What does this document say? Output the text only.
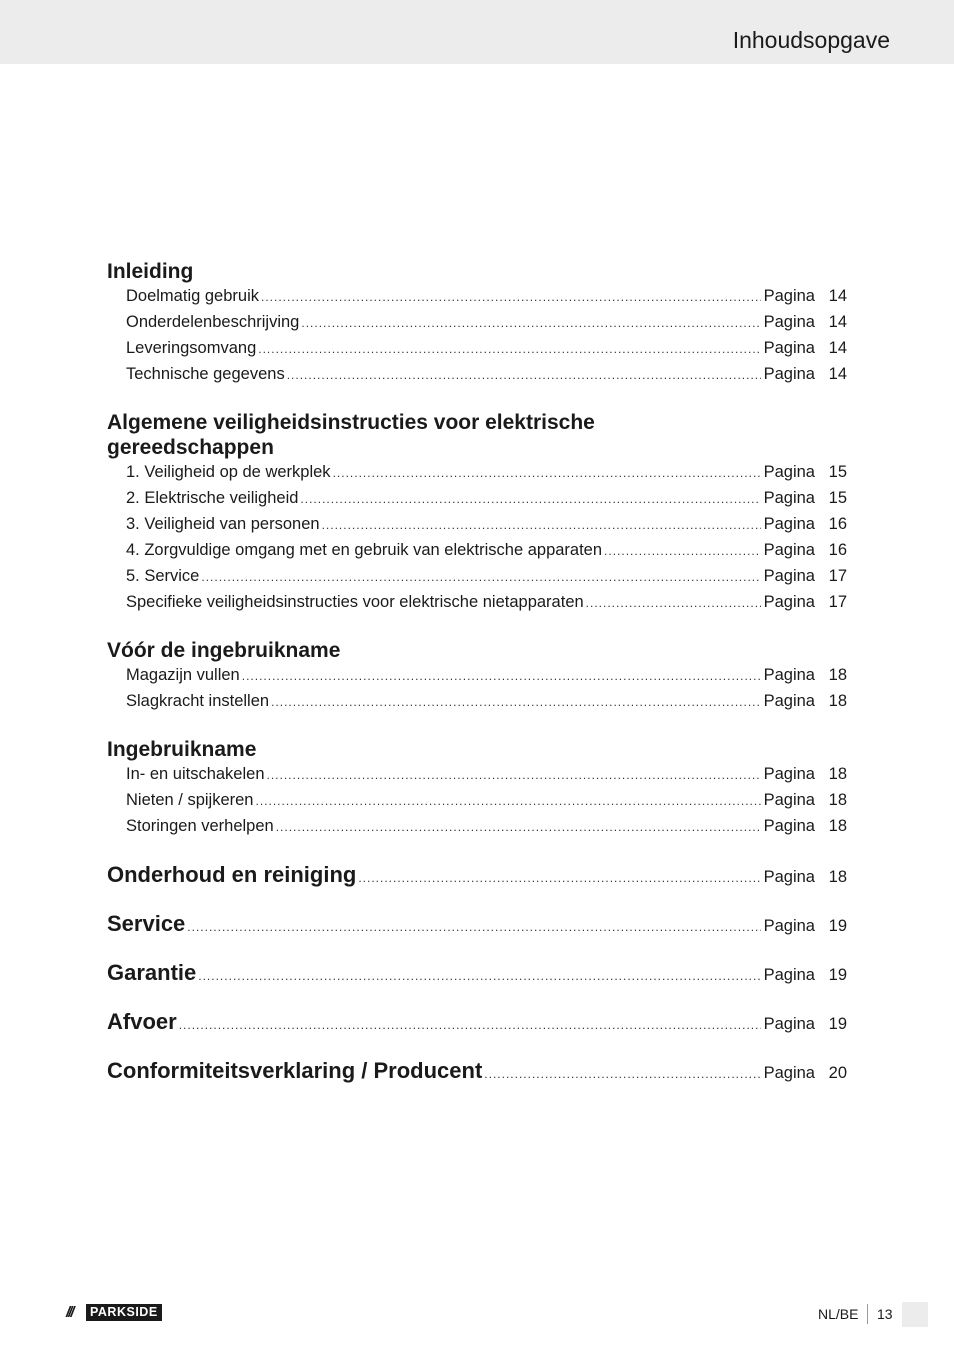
Inhoudsopgave
Inleiding
Doelmatig gebruik .....	Pagina 14
Onderdelenbeschrijving .....	Pagina 14
Leveringsomvang .....	Pagina 14
Technische gegevens .....	Pagina 14
Algemene veiligheidsinstructies voor elektrische
gereedschappen
1. Veiligheid op de werkplek .....	Pagina 15
2. Elektrische veiligheid .....	Pagina 15
3. Veiligheid van personen .....	Pagina 16
4. Zorgvuldige omgang met en gebruik van elektrische apparaten .....	Pagina 16
5. Service .....	Pagina 17
Specifieke veiligheidsinstructies voor elektrische nietapparaten .....	Pagina 17
Vóór de ingebruikname
Magazijn vullen .....	Pagina 18
Slagkracht instellen .....	Pagina 18
Ingebruikname
In- en uitschakelen .....	Pagina 18
Nieten / spijkeren .....	Pagina 18
Storingen verhelpen .....	Pagina 18
Onderhoud en reiniging .....	Pagina 18
Service .....	Pagina 19
Garantie .....	Pagina 19
Afvoer .....	Pagina 19
Conformiteitsverklaring / Producent .....	Pagina 20
///	PARKSIDE	NL/BE 13
